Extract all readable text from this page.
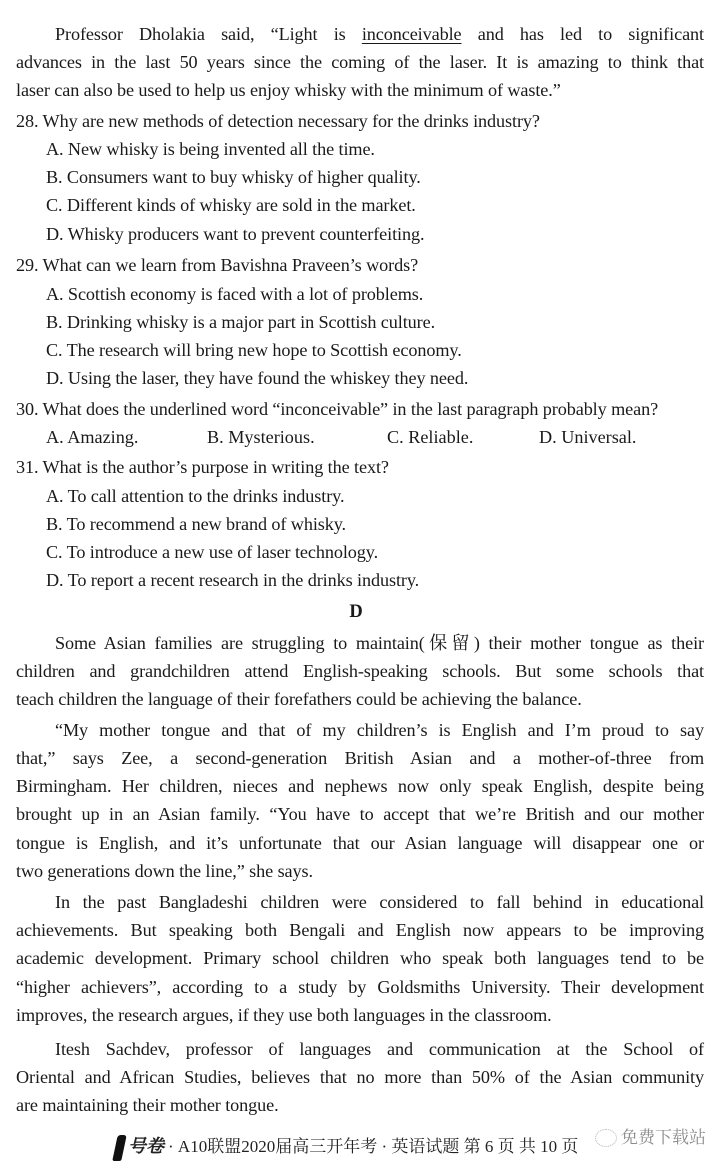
Professor Dholakia said, “Light is inconceivable and has led to significant
advances in the last 50 years since the coming of the laser. It is amazing to think that
laser can also be used to help us enjoy whisky with the minimum of waste.”
28. Why are new methods of detection necessary for the drinks industry?
A. New whisky is being invented all the time.
B. Consumers want to buy whisky of higher quality.
C. Different kinds of whisky are sold in the market.
D. Whisky producers want to prevent counterfeiting.
29. What can we learn from Bavishna Praveen’s words?
A. Scottish economy is faced with a lot of problems.
B. Drinking whisky is a major part in Scottish culture.
C. The research will bring new hope to Scottish economy.
D. Using the laser, they have found the whiskey they need.
30. What does the underlined word “inconceivable” in the last paragraph probably mean?
A. Amazing.	B. Mysterious.	C. Reliable.	D. Universal.
31. What is the author’s purpose in writing the text?
A. To call attention to the drinks industry.
B. To recommend a new brand of whisky.
C. To introduce a new use of laser technology.
D. To report a recent research in the drinks industry.
D
Some Asian families are struggling to maintain(保留) their mother tongue as their
children and grandchildren attend English-speaking schools. But some schools that
teach children the language of their forefathers could be achieving the balance.
“My mother tongue and that of my children’s is English and I’m proud to say
that,” says Zee, a second-generation British Asian and a mother-of-three from
Birmingham. Her children, nieces and nephews now only speak English, despite being
brought up in an Asian family. “You have to accept that we’re British and our mother
tongue is English, and it’s unfortunate that our Asian language will disappear one or
two generations down the line,” she says.
In the past Bangladeshi children were considered to fall behind in educational
achievements. But speaking both Bengali and English now appears to be improving
academic development. Primary school children who speak both languages tend to be
“higher achievers”, according to a study by Goldsmiths University. Their development
improves, the research argues, if they use both languages in the classroom.
Itesh Sachdev, professor of languages and communication at the School of
Oriental and African Studies, believes that no more than 50% of the Asian community
are maintaining their mother tongue.
号卷 · A10联盟2020届高三开年考 · 英语试题 第 6 页 共 10 页	免费下载站
